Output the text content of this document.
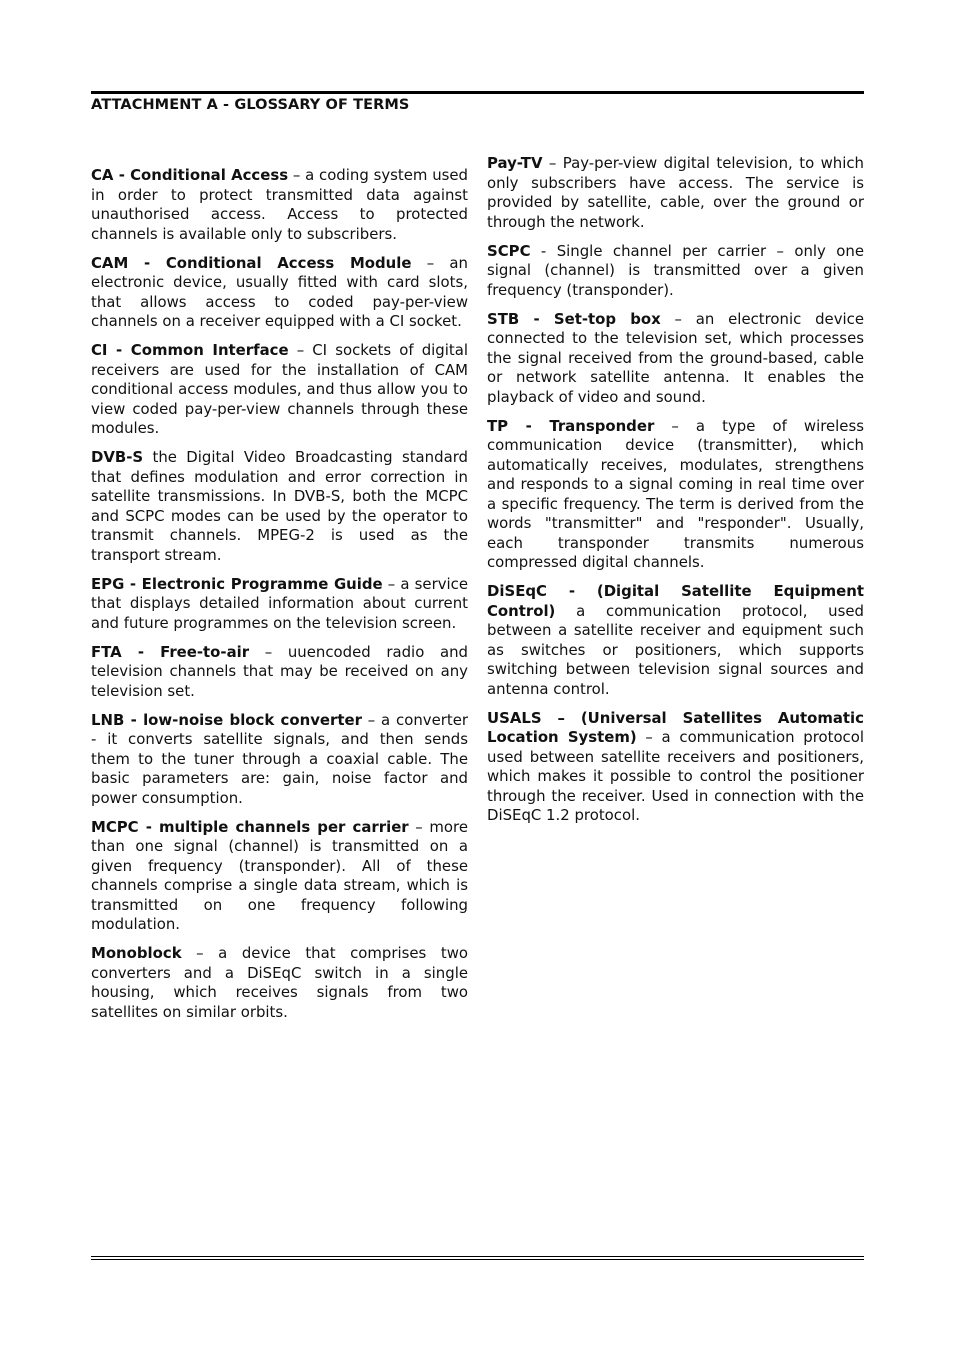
ATTACHMENT A - GLOSSARY OF TERMS

CA - Conditional Access – a coding system used in order to protect transmitted data against unauthorised access. Access to protected channels is available only to subscribers.

CAM - Conditional Access Module – an electronic device, usually fitted with card slots, that allows access to coded pay-per-view channels on a receiver equipped with a CI socket.

CI - Common Interface – CI sockets of digital receivers are used for the installation of CAM conditional access modules, and thus allow you to view coded pay-per-view channels through these modules.

DVB-S the Digital Video Broadcasting standard that defines modulation and error correction in satellite transmissions. In DVB-S, both the MCPC and SCPC modes can be used by the operator to transmit channels. MPEG-2 is used as the transport stream.

EPG - Electronic Programme Guide – a service that displays detailed information about current and future programmes on the television screen.

FTA - Free-to-air – uuencoded radio and television channels that may be received on any television set.

LNB - low-noise block converter – a converter - it converts satellite signals, and then sends them to the tuner through a coaxial cable. The basic parameters are: gain, noise factor and power consumption.

MCPC - multiple channels per carrier – more than one signal (channel) is transmitted on a given frequency (transponder). All of these channels comprise a single data stream, which is transmitted on one frequency following modulation.

Monoblock – a device that comprises two converters and a DiSEqC switch in a single housing, which receives signals from two satellites on similar orbits.

Pay-TV – Pay-per-view digital television, to which only subscribers have access. The service is provided by satellite, cable, over the ground or through the network.

SCPC - Single channel per carrier – only one signal (channel) is transmitted over a given frequency (transponder).

STB - Set-top box – an electronic device connected to the television set, which processes the signal received from the ground-based, cable or network satellite antenna. It enables the playback of video and sound.

TP - Transponder – a type of wireless communication device (transmitter), which automatically receives, modulates, strengthens and responds to a signal coming in real time over a specific frequency. The term is derived from the words "transmitter" and "responder". Usually, each transponder transmits numerous compressed digital channels.

DiSEqC - (Digital Satellite Equipment Control) a communication protocol, used between a satellite receiver and equipment such as switches or positioners, which supports switching between television signal sources and antenna control.

USALS – (Universal Satellites Automatic Location System) – a communication protocol used between satellite receivers and positioners, which makes it possible to control the positioner through the receiver. Used in connection with the DiSEqC 1.2 protocol.
